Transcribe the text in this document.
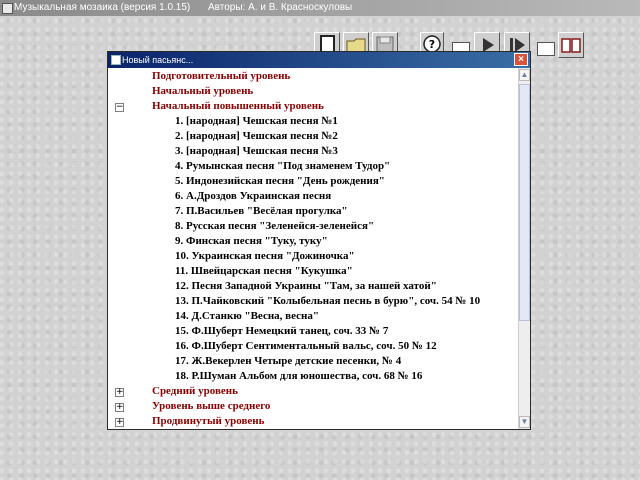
Музыкальная мозаика (версия 1.0.15) Авторы: А. и В. Красноскуловы
?
Новый пасьянс...	×
Подготовительный уровень
Начальный уровень
−	Начальный повышенный уровень
1. [народная] Чешская песня №1
2. [народная] Чешская песня №2
3. [народная] Чешская песня №3
4. Румынская песня "Под знаменем Тудор"
5. Индонезийская песня "День рождения"
6. А.Дроздов Украинская песня
7. П.Васильев "Весёлая прогулка"
8. Русская песня "Зеленейся-зеленейся"
9. Финская песня "Туку, туку"
10. Украинская песня "Дожиночка"
11. Швейцарская песня "Кукушка"
12. Песня Западной Украины "Там, за нашей хатой"
13. П.Чайковский "Колыбельная песнь в бурю", соч. 54 № 10
14. Д.Станкю "Весна, весна"
15. Ф.Шуберт Немецкий танец, соч. 33 № 7
16. Ф.Шуберт Сентиментальный вальс, соч. 50 № 12
17. Ж.Векерлен Четыре детские песенки, № 4
18. Р.Шуман Альбом для юношества, соч. 68 № 16
+	Средний уровень
+	Уровень выше среднего
+	Продвинутый уровень
▲
▼
